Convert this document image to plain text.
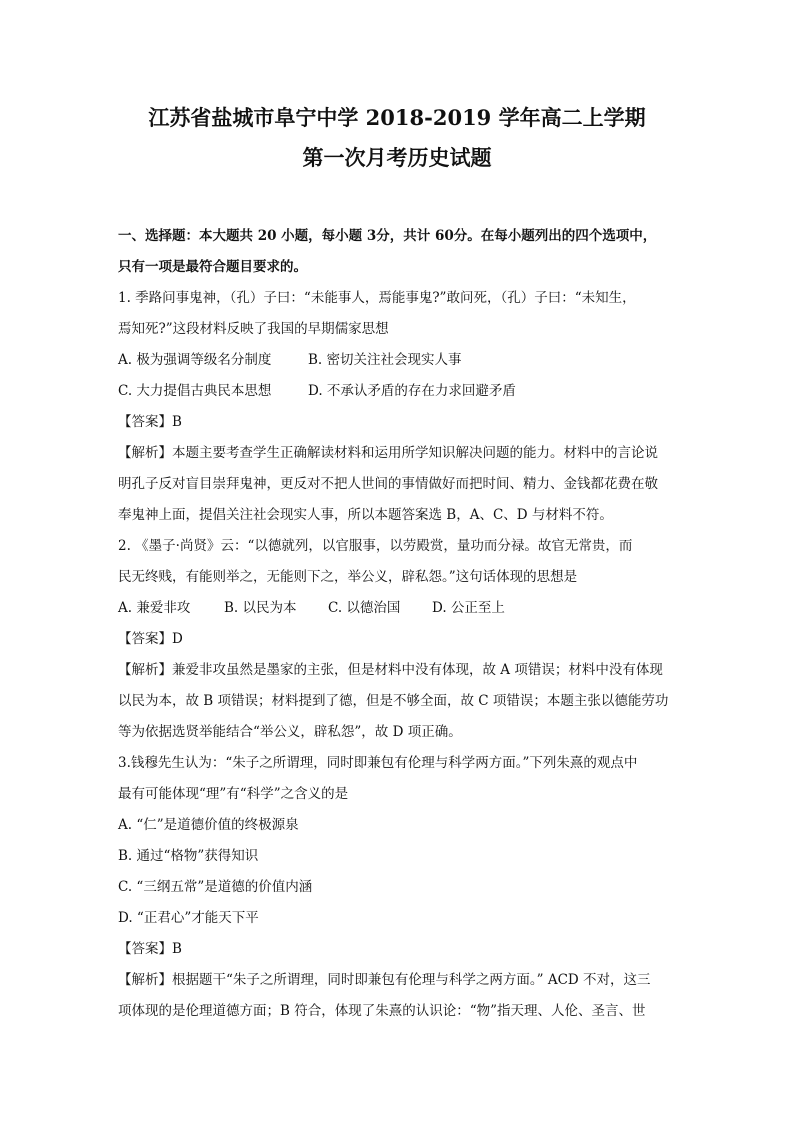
江苏省盐城市阜宁中学 2018-2019 学年高二上学期
第一次月考历史试题

一、选择题：本大题共 20 小题，每小题 3分，共计 60分。在每小题列出的四个选项中，

只有一项是最符合题目要求的。

1. 季路问事鬼神，（孔）子曰：“未能事人，焉能事鬼?”敢问死，（孔）子曰：“未知生，

焉知死?”这段材料反映了我国的早期儒家思想

A. 极为强调等级名分制度	B. 密切关注社会现实人事

C. 大力提倡古典民本思想	D. 不承认矛盾的存在力求回避矛盾

【答案】B

【解析】本题主要考查学生正确解读材料和运用所学知识解决问题的能力。材料中的言论说

明孔子反对盲目崇拜鬼神，更反对不把人世间的事情做好而把时间、精力、金钱都花费在敬

奉鬼神上面，提倡关注社会现实人事，所以本题答案选 B，A、C、D 与材料不符。

2. 《墨子·尚贤》云：“以德就列，以官服事，以劳殿赏，量功而分禄。故官无常贵，而

民无终贱，有能则举之，无能则下之，举公义，辟私怨。”这句话体现的思想是

A. 兼爱非攻 B. 以民为本 C. 以德治国 D. 公正至上

【答案】D

【解析】兼爱非攻虽然是墨家的主张，但是材料中没有体现，故 A 项错误；材料中没有体现

以民为本，故 B 项错误；材料提到了德，但是不够全面，故 C 项错误；本题主张以德能劳功

等为依据选贤举能结合“举公义，辟私怨”，故 D 项正确。

3.钱穆先生认为：“朱子之所谓理，同时即兼包有伦理与科学两方面。”下列朱熹的观点中

最有可能体现“理”有“科学”之含义的是

A. “仁”是道德价值的终极源泉

B. 通过“格物”获得知识

C. “三纲五常”是道德的价值内涵

D. “正君心”才能天下平

【答案】B

【解析】根据题干“朱子之所谓理，同时即兼包有伦理与科学之两方面。” ACD 不对，这三

项体现的是伦理道德方面；B 符合，体现了朱熹的认识论：“物”指天理、人伦、圣言、世
